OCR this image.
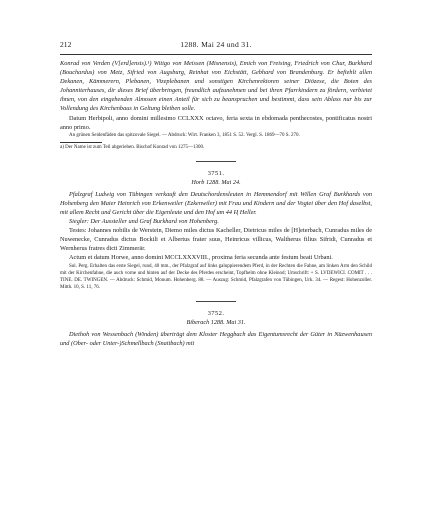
212	1288. Mai 24 und 31.

Konrad von Verden (V[erd]ensis).¹) Witigo von Meissen (Misnensis), Emich von Freising, Friedrich von Chur, Burkhard (Bouchardus) von Metz, Sifried von Augsburg, Reinhat von Eichstätt, Gebhard von Brandenburg. Er befiehlt allen Dekanen, Kämmerern, Plebanen, Vizeplebanen und sonstigen Kirchenrektoren seiner Diözese, die Boten des Johanniterhauses, dir dieses Brief überbringen, freundlich aufzunehmen und bei ihren Pfarrkindern zu fördern, verbietet ihnen, von den eingehenden Almosen einen Anteil für sich zu beanspruchen und bestimmt, dass sein Ablass nur bis zur Vollendung des Kirchenbaus in Geltung bleiben solle.

Datum Herbipoli, anno domini millesimo CCLXXX octavo, feria sexta in ebdomada penthecostes, pontificatus nostri anno primo.

An grünen Seidenfäden das spitzovale Siegel. — Abdruck: Wirt. Franken 3, 1851 S. 52. Vergl. S. 1869—70 S. 270.

a) Der Name ist zum Teil abgerieben. Bischof Konrad von 1275—1300.

3751.

Horb 1288. Mai 24.

Pfalzgraf Ludwig von Tübingen verkauft den Deutschordensleuten in Hemmendorf mit Willen Graf Burkhards von Hohenberg den Maier Heinrich von Erkenweiler (Ezkenwiler) mit Frau und Kindern und der Vogtei über den Hof daselbst, mit allem Recht und Gericht über die Eigenleute und den Hof um 44 Ⱨ Heller.

Siegler: Der Aussteller und Graf Burkhard von Hohenberg.

Testes: Johannes nobilis de Werstein, Diemo miles dictus Kacheller, Dietricus miles de [H]eterbach, Cunradus miles de Nuwenecke, Cunradus dictus Bockili et Albertus frater suus, Heinricus villicus, Waltherus filius Sifridi, Cunradus et Wernherus fratres dicti Zimmerär.

Actum et datum Horwe, anno domini MCCLXXXVIII., proxima feria secunda ante festum beati Urbani.

Sul. Perg. Erhalten das erste Siegel, rund, 40 mm., der Pfalzgraf auf links galoppierendem Pferd, in der Rechten die Fahne, am linken Arm den Schild mit der Kirchenfahne, die auch vorne und hinten auf der Decke des Pferdes erscheint, Topfhelm ohne Kleinod; Umschrift: + S. LVDEWICI. COMIT . . . TINE. DE. TWINGEN. — Abdruck: Schmid, Monum. Hohenberg. 88. — Auszug: Schmid, Pfalzgrafen von Tübingen, Urk. 34. — Regest: Hohenzoller. Mitth. 10, S. 11, 76.

3752.

Biberach 1288. Mai 31.

Diethoh von Wessenbach (Winden) überträgt dem Kloster Heggbach das Eigentumsrecht der Güter in Nüzwenhausen und (Ober- oder Unter-)Schmellbach (Snaitbach) mit
